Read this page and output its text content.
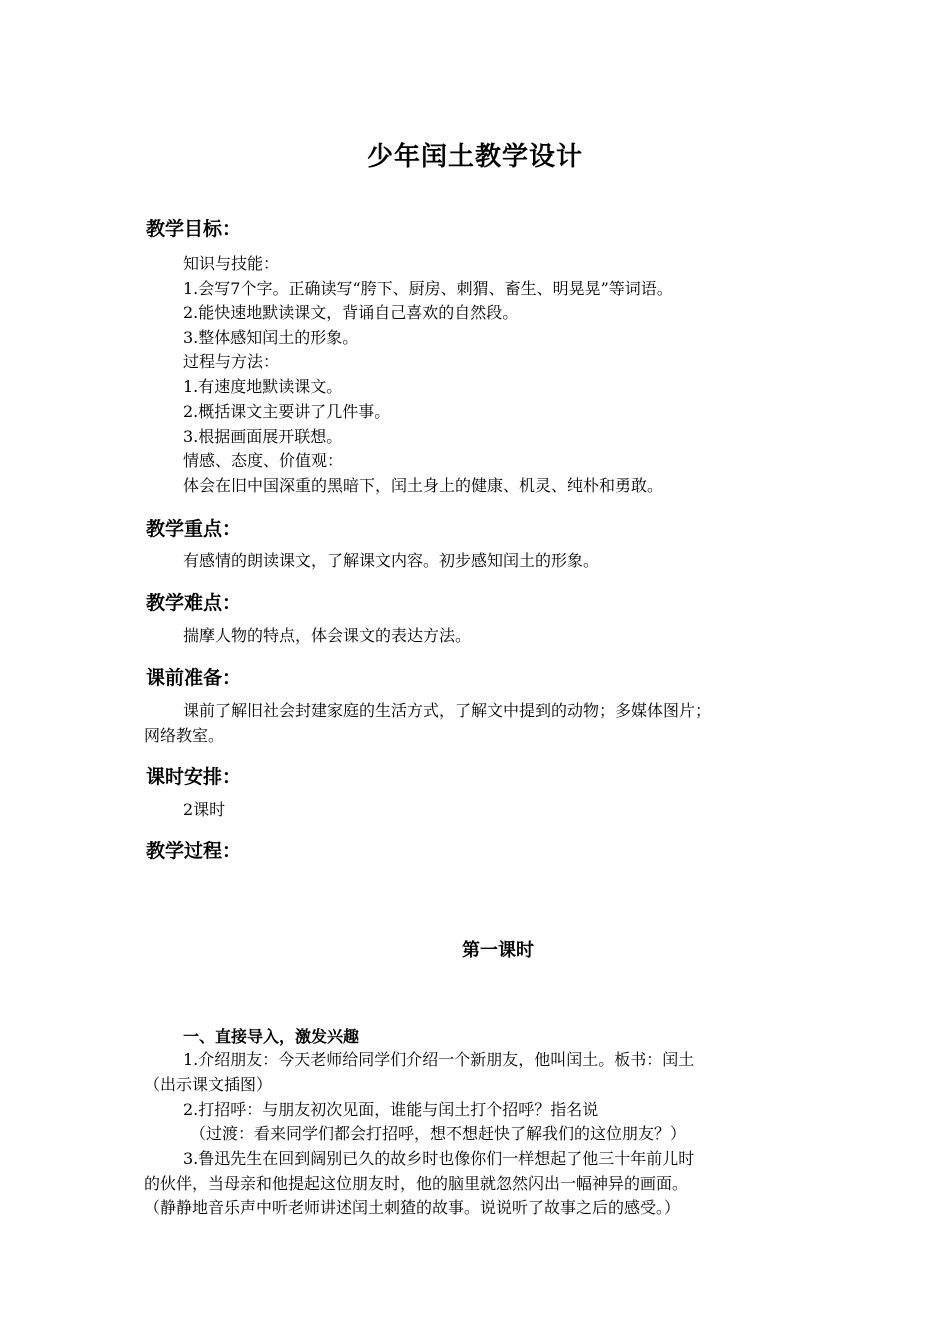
少年闰土教学设计
教学目标：
知识与技能：
1.会写7个字。正确读写“胯下、厨房、刺猬、畜生、明晃晃”等词语。
2.能快速地默读课文，背诵自己喜欢的自然段。
3.整体感知闰土的形象。
过程与方法：
1.有速度地默读课文。
2.概括课文主要讲了几件事。
3.根据画面展开联想。
情感、态度、价值观：
体会在旧中国深重的黑暗下，闰土身上的健康、机灵、纯朴和勇敢。
教学重点：
有感情的朗读课文，了解课文内容。初步感知闰土的形象。
教学难点：
揣摩人物的特点，体会课文的表达方法。
课前准备：
课前了解旧社会封建家庭的生活方式，了解文中提到的动物；多媒体图片；
网络教室。
课时安排：
2课时
教学过程：
第一课时
一、直接导入，激发兴趣
1.介绍朋友：今天老师给同学们介绍一个新朋友，他叫闰土。板书：闰土
（出示课文插图）
2.打招呼：与朋友初次见面，谁能与闰土打个招呼？指名说
（过渡：看来同学们都会打招呼，想不想赶快了解我们的这位朋友？）
3.鲁迅先生在回到阔别已久的故乡时也像你们一样想起了他三十年前儿时
的伙伴，当母亲和他提起这位朋友时，他的脑里就忽然闪出一幅神异的画面。
（静静地音乐声中听老师讲述闰土刺猹的故事。说说听了故事之后的感受。）
